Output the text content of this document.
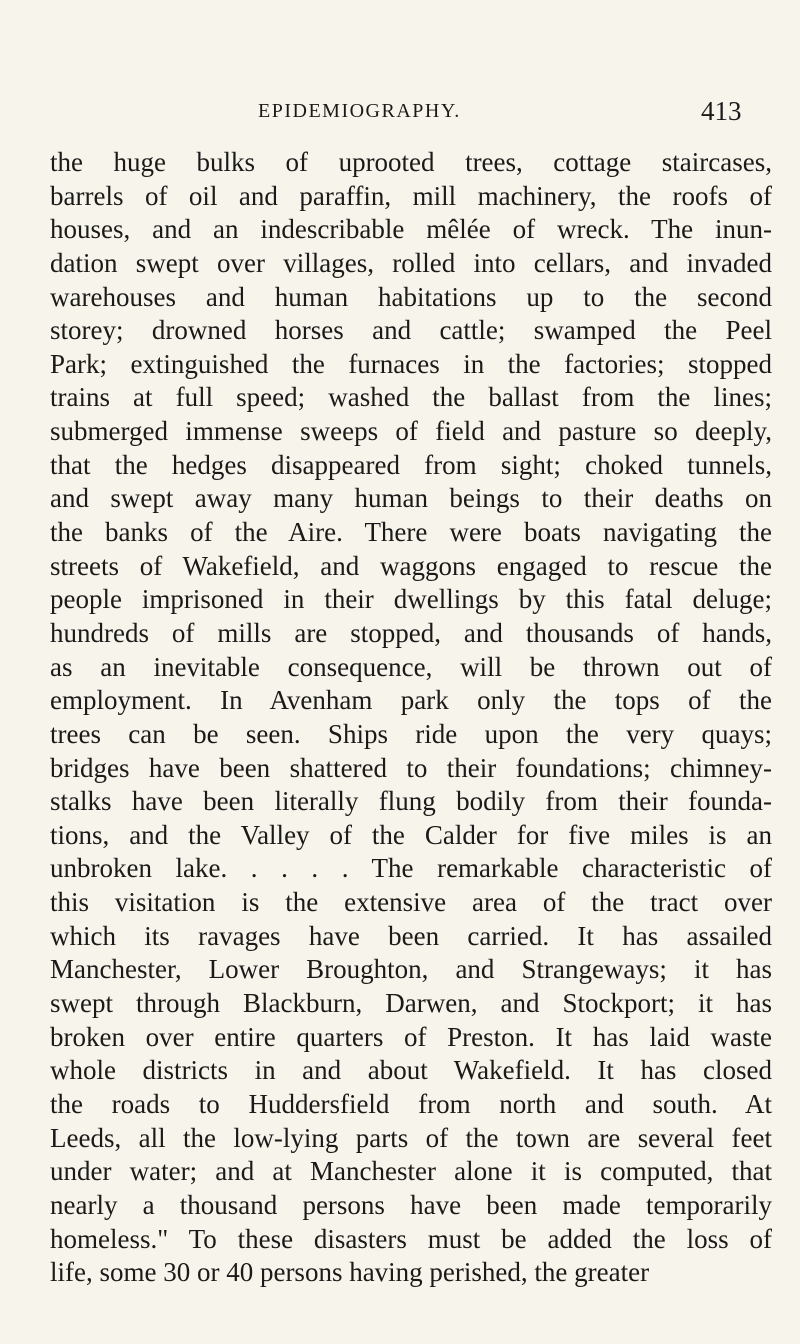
EPIDEMIOGRAPHY.	413
the huge bulks of uprooted trees, cottage staircases,
barrels of oil and paraffin, mill machinery, the roofs of
houses, and an indescribable mêlée of wreck. The inun-
dation swept over villages, rolled into cellars, and invaded
warehouses and human habitations up to the second
storey; drowned horses and cattle; swamped the Peel
Park; extinguished the furnaces in the factories; stopped
trains at full speed; washed the ballast from the lines;
submerged immense sweeps of field and pasture so deeply,
that the hedges disappeared from sight; choked tunnels,
and swept away many human beings to their deaths on
the banks of the Aire. There were boats navigating the
streets of Wakefield, and waggons engaged to rescue the
people imprisoned in their dwellings by this fatal deluge;
hundreds of mills are stopped, and thousands of hands,
as an inevitable consequence, will be thrown out of
employment. In Avenham park only the tops of the
trees can be seen. Ships ride upon the very quays;
bridges have been shattered to their foundations; chimney-
stalks have been literally flung bodily from their founda-
tions, and the Valley of the Calder for five miles is an
unbroken lake. . . . . The remarkable characteristic of
this visitation is the extensive area of the tract over
which its ravages have been carried. It has assailed
Manchester, Lower Broughton, and Strangeways; it has
swept through Blackburn, Darwen, and Stockport; it has
broken over entire quarters of Preston. It has laid waste
whole districts in and about Wakefield. It has closed
the roads to Huddersfield from north and south. At
Leeds, all the low-lying parts of the town are several feet
under water; and at Manchester alone it is computed, that
nearly a thousand persons have been made temporarily
homeless." To these disasters must be added the loss of
life, some 30 or 40 persons having perished, the greater
